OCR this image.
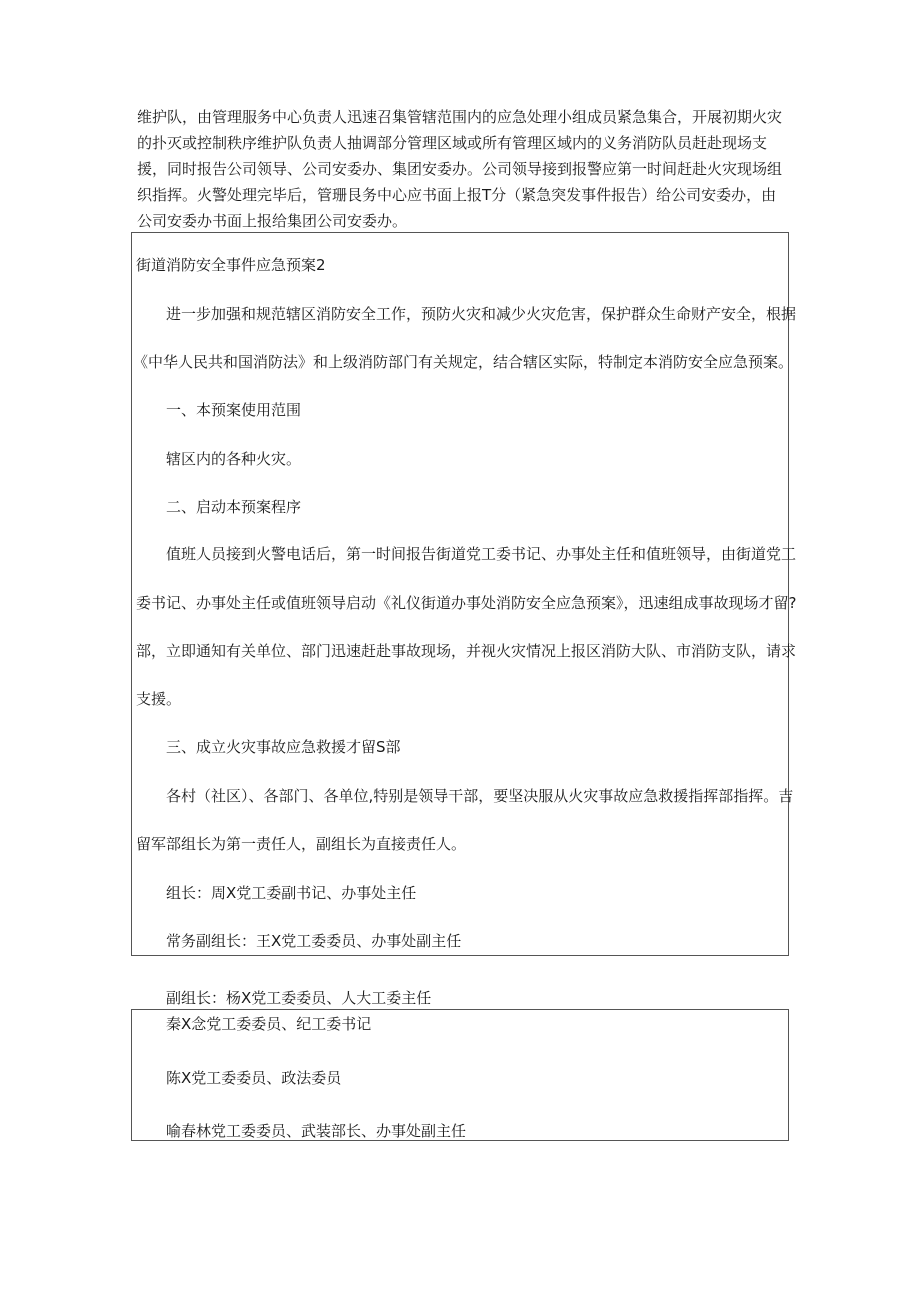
维护队，由管理服务中心负责人迅速召集管辖范围内的应急处理小组成员紧急集合，开展初期火灾的扑灭或控制秩序维护队负责人抽调部分管理区域或所有管理区域内的义务消防队员赶赴现场支援，同时报告公司领导、公司安委办、集团安委办。公司领导接到报警应第一时间赶赴火灾现场组织指挥。火警处理完毕后，管珊艮务中心应书面上报T分（紧急突发事件报告）给公司安委办，由公司安委办书面上报给集团公司安委办。

街道消防安全事件应急预案2
进一步加强和规范辖区消防安全工作，预防火灾和减少火灾危害，保护群众生命财产安全，根据
《中华人民共和国消防法》和上级消防部门有关规定，结合辖区实际，特制定本消防安全应急预案。
一、本预案使用范围
辖区内的各种火灾。
二、启动本预案程序
值班人员接到火警电话后，第一时间报告街道党工委书记、办事处主任和值班领导，由街道党工
委书记、办事处主任或值班领导启动《礼仪街道办事处消防安全应急预案》，迅速组成事故现场才留?
部，立即通知有关单位、部门迅速赶赴事故现场，并视火灾情况上报区消防大队、市消防支队，请求
支援。
三、成立火灾事故应急救援才留S部
各村（社区）、各部门、各单位,特别是领导干部，要坚决服从火灾事故应急救援指挥部指挥。吉
留军部组长为第一责任人，副组长为直接责任人。
组长：周X党工委副书记、办事处主任
常务副组长：王X党工委委员、办事处副主任
副组长：杨X党工委委员、人大工委主任
秦X念党工委委员、纪工委书记
陈X党工委委员、政法委员
喻春林党工委委员、武装部长、办事处副主任
